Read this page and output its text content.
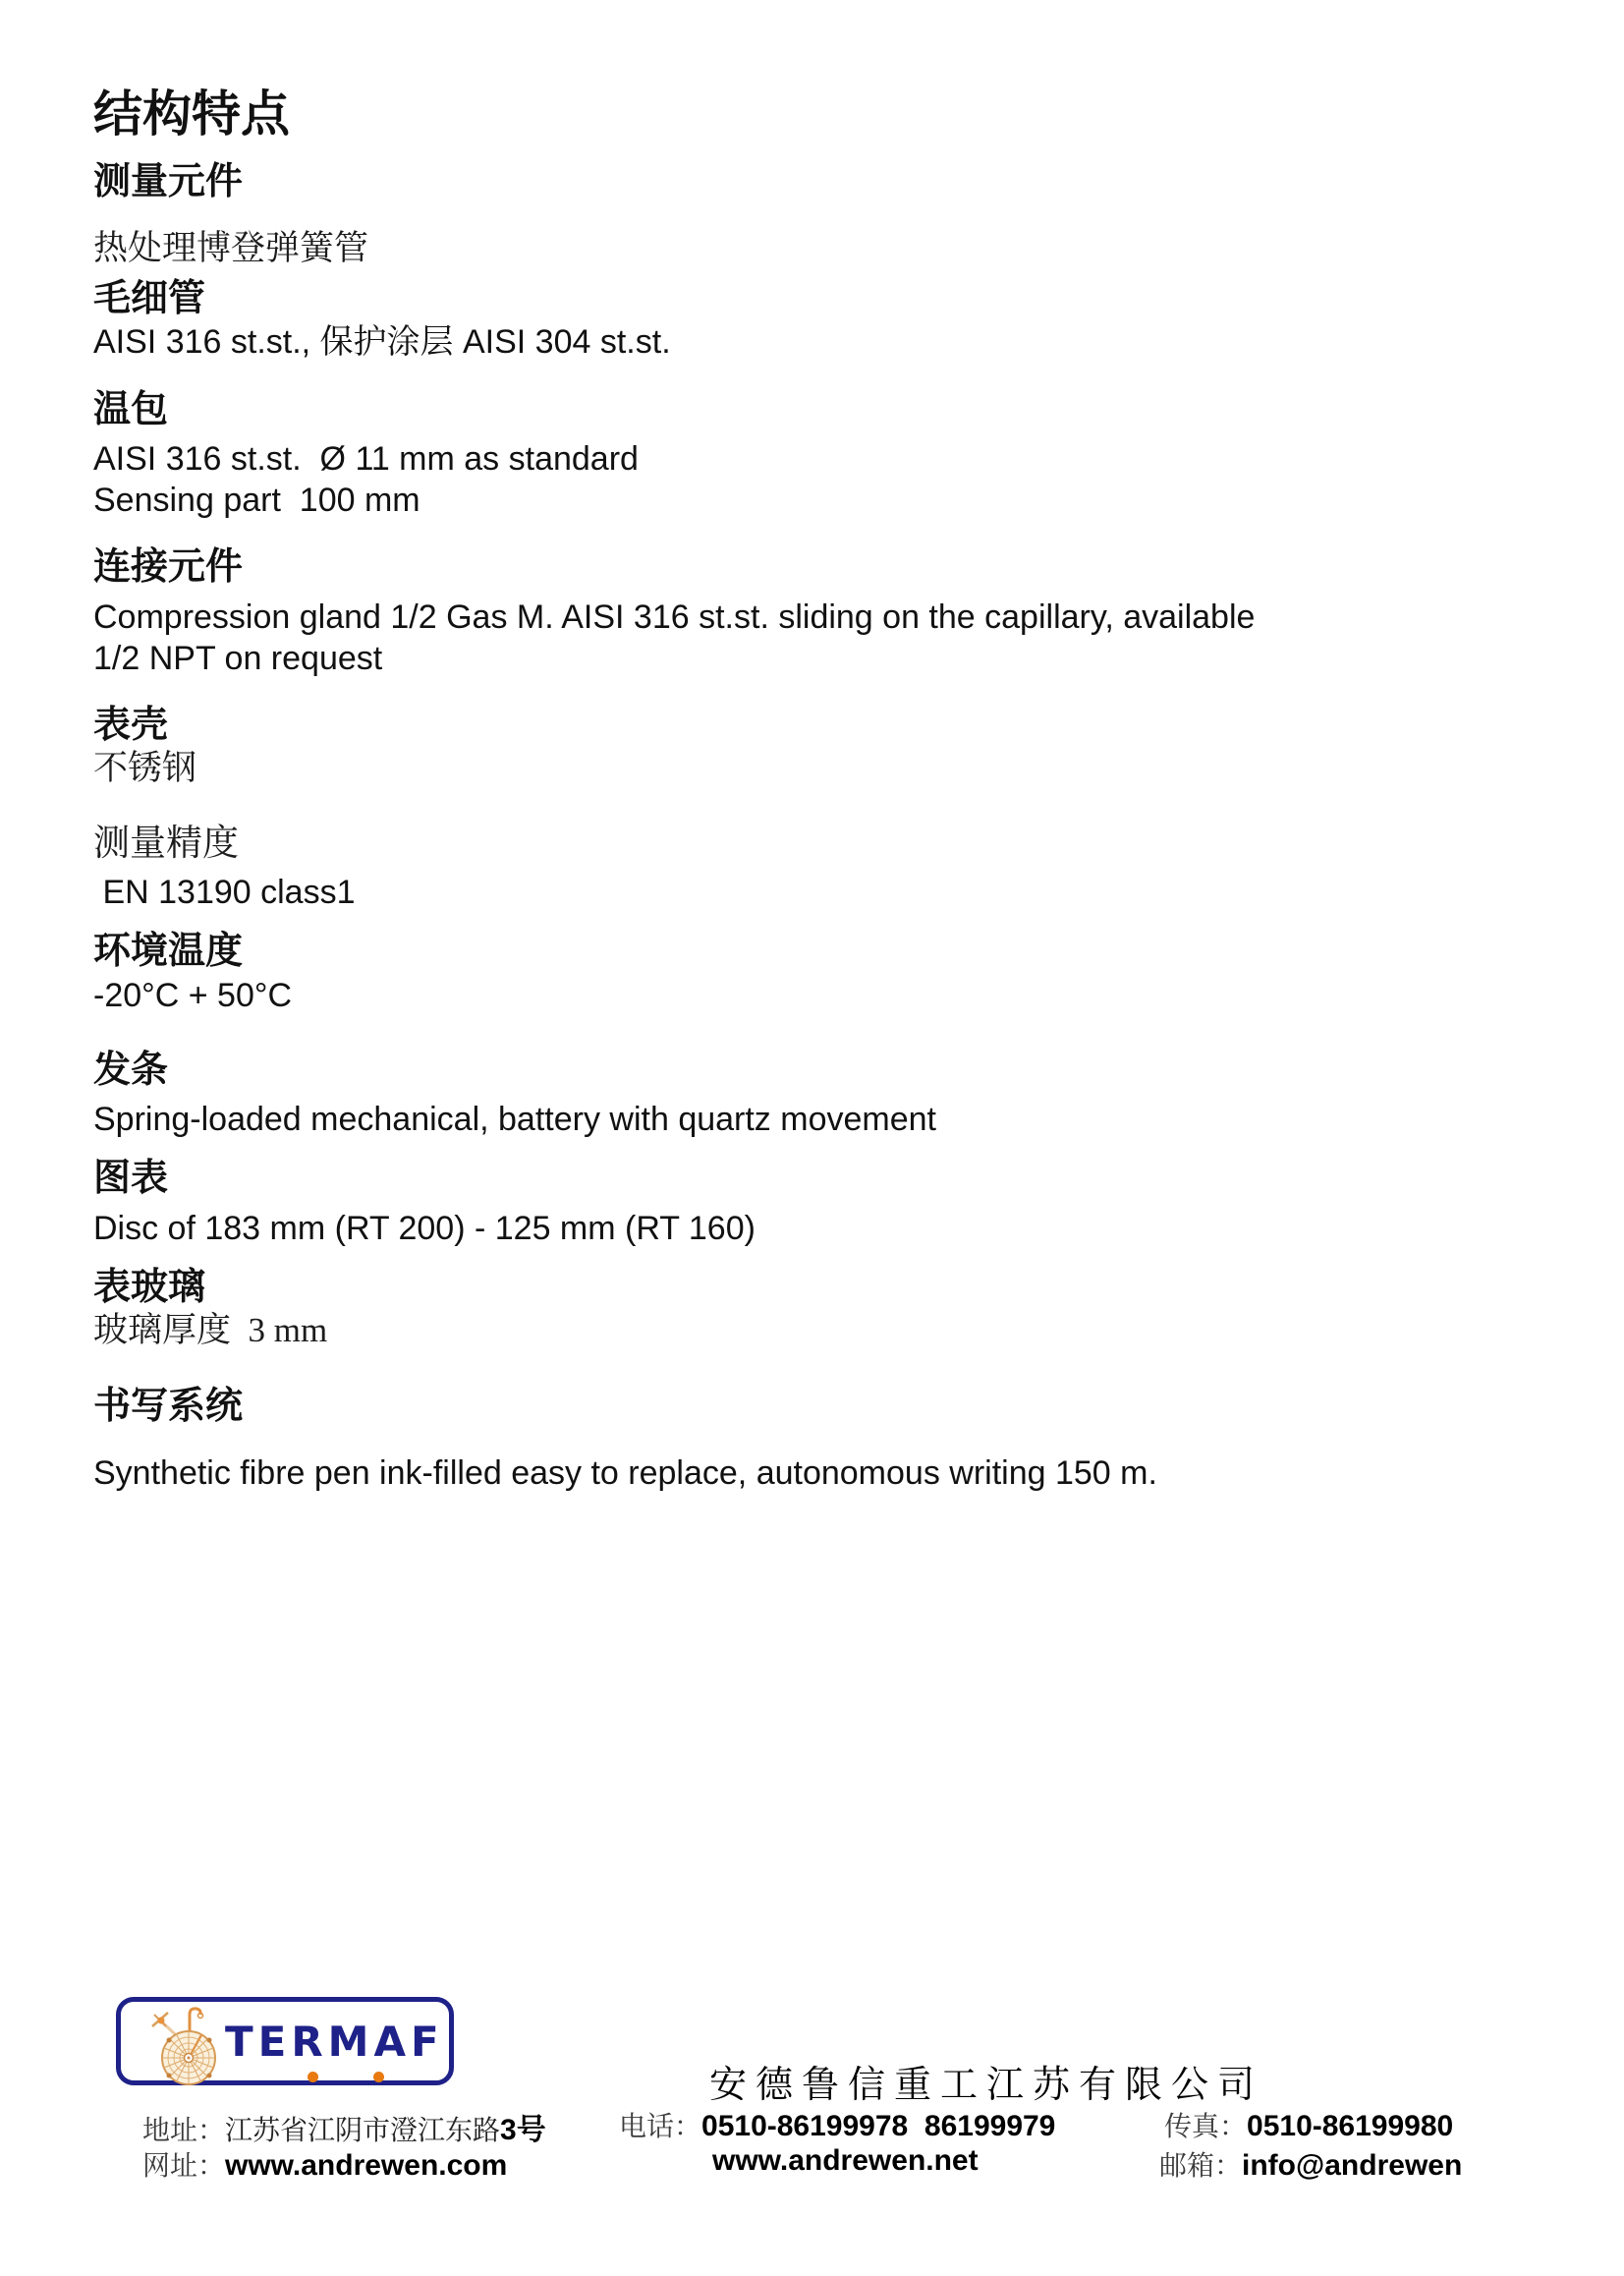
结构特点
测量元件
热处理博登弹簧管
毛细管
AISI 316 st.st., 保护涂层 AISI 304 st.st.
温包
AISI 316 st.st.  Ø 11 mm as standard
Sensing part  100 mm
连接元件
Compression gland 1/2 Gas M. AISI 316 st.st. sliding on the capillary, available
1/2 NPT on request
表壳
不锈钢
测量精度
EN 13190 class1
环境温度
-20°C + 50°C
发条
Spring-loaded mechanical, battery with quartz movement
图表
Disc of 183 mm (RT 200) - 125 mm (RT 160)
表玻璃
玻璃厚度  3 mm
书写系统
Synthetic fibre pen ink-filled easy to replace, autonomous writing 150 m.
TERMAF
安德鲁信重工江苏有限公司
地址：江苏省江阴市澄江东路3号	电话：0510-86199978  86199979	传真：0510-86199980
网址：www.andrewen.com	www.andrewen.net	邮箱：info@andrewen
